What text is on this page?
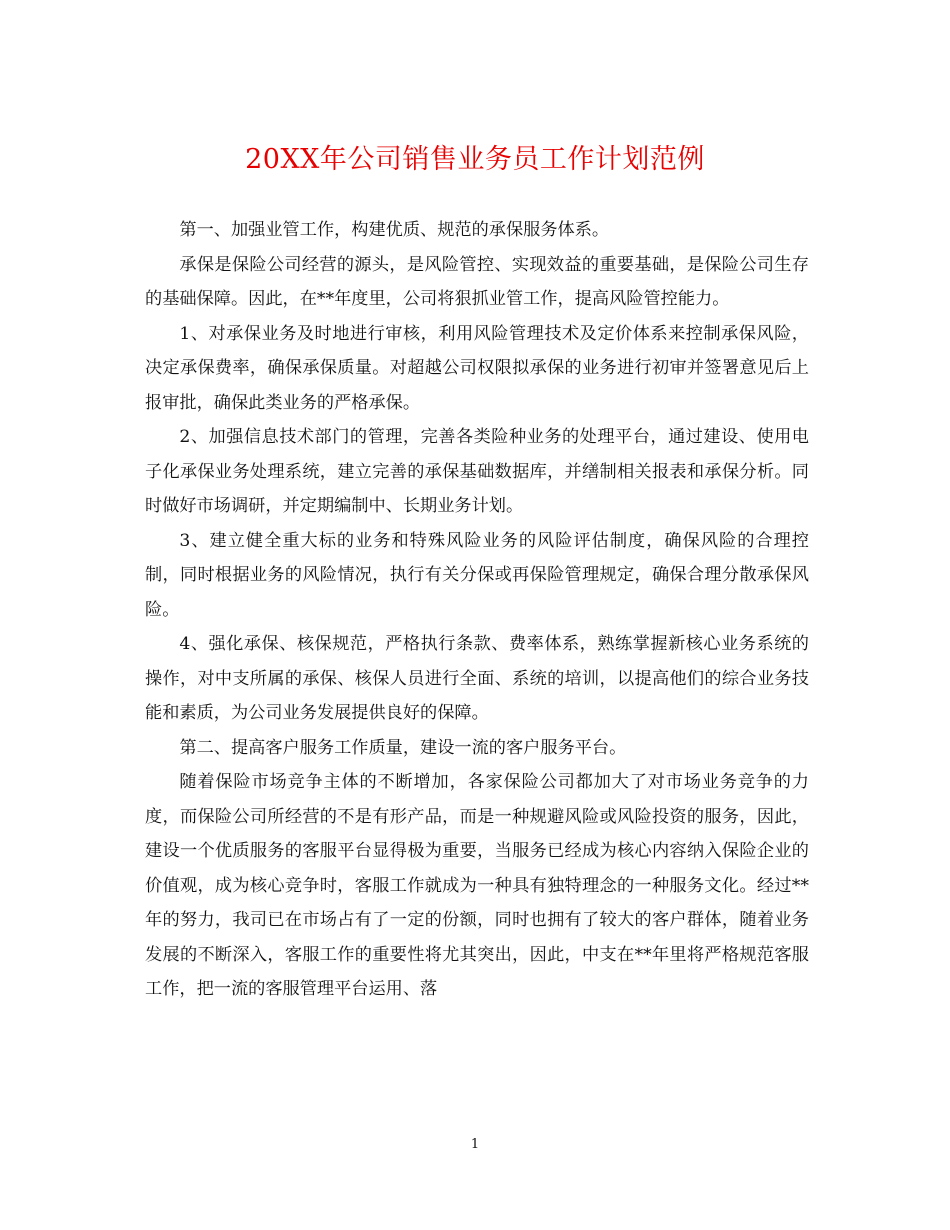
20XX年公司销售业务员工作计划范例

第一、加强业管工作，构建优质、规范的承保服务体系。

承保是保险公司经营的源头，是风险管控、实现效益的重要基础，是保险公司生存的基础保障。因此，在**年度里，公司将狠抓业管工作，提高风险管控能力。

1、对承保业务及时地进行审核，利用风险管理技术及定价体系来控制承保风险，决定承保费率，确保承保质量。对超越公司权限拟承保的业务进行初审并签署意见后上报审批，确保此类业务的严格承保。

2、加强信息技术部门的管理，完善各类险种业务的处理平台，通过建设、使用电子化承保业务处理系统，建立完善的承保基础数据库，并缮制相关报表和承保分析。同时做好市场调研，并定期编制中、长期业务计划。

3、建立健全重大标的业务和特殊风险业务的风险评估制度，确保风险的合理控制，同时根据业务的风险情况，执行有关分保或再保险管理规定，确保合理分散承保风险。

4、强化承保、核保规范，严格执行条款、费率体系，熟练掌握新核心业务系统的操作，对中支所属的承保、核保人员进行全面、系统的培训，以提高他们的综合业务技能和素质，为公司业务发展提供良好的保障。

第二、提高客户服务工作质量，建设一流的客户服务平台。

随着保险市场竞争主体的不断增加，各家保险公司都加大了对市场业务竞争的力度，而保险公司所经营的不是有形产品，而是一种规避风险或风险投资的服务，因此，建设一个优质服务的客服平台显得极为重要，当服务已经成为核心内容纳入保险企业的价值观，成为核心竞争时，客服工作就成为一种具有独特理念的一种服务文化。经过**年的努力，我司已在市场占有了一定的份额，同时也拥有了较大的客户群体，随着业务发展的不断深入，客服工作的重要性将尤其突出，因此，中支在**年里将严格规范客服工作，把一流的客服管理平台运用、落

1
